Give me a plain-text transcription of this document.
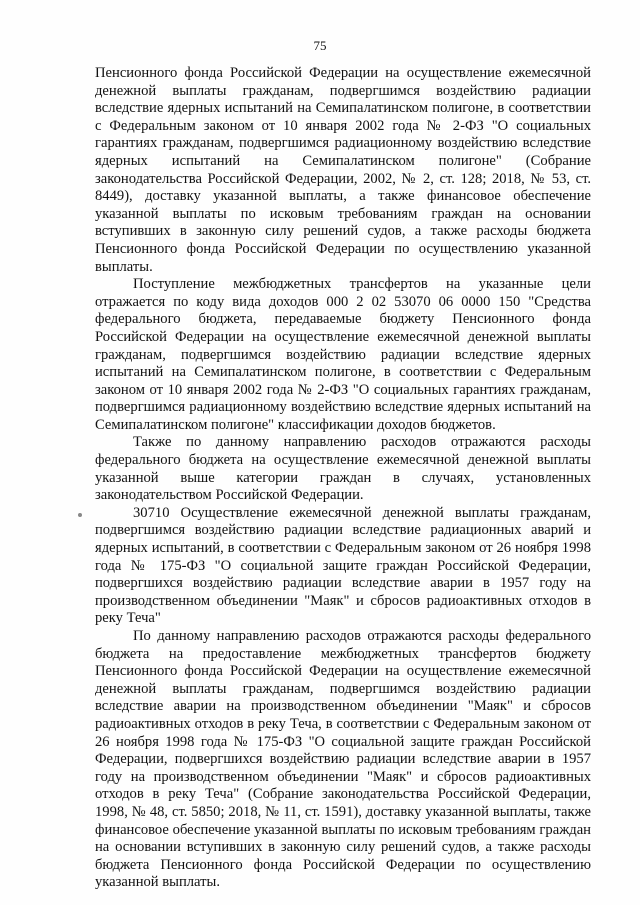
75

Пенсионного фонда Российской Федерации на осуществление ежемесячной денежной выплаты гражданам, подвергшимся воздействию радиации вследствие ядерных испытаний на Семипалатинском полигоне, в соответствии с Федеральным законом от 10 января 2002 года № 2-ФЗ "О социальных гарантиях гражданам, подвергшимся радиационному воздействию вследствие ядерных испытаний на Семипалатинском полигоне" (Собрание законодательства Российской Федерации, 2002, № 2, ст. 128; 2018, № 53, ст. 8449), доставку указанной выплаты, а также финансовое обеспечение указанной выплаты по исковым требованиям граждан на основании вступивших в законную силу решений судов, а также расходы бюджета Пенсионного фонда Российской Федерации по осуществлению указанной выплаты.

Поступление межбюджетных трансфертов на указанные цели отражается по коду вида доходов 000 2 02 53070 06 0000 150 "Средства федерального бюджета, передаваемые бюджету Пенсионного фонда Российской Федерации на осуществление ежемесячной денежной выплаты гражданам, подвергшимся воздействию радиации вследствие ядерных испытаний на Семипалатинском полигоне, в соответствии с Федеральным законом от 10 января 2002 года № 2-ФЗ "О социальных гарантиях гражданам, подвергшимся радиационному воздействию вследствие ядерных испытаний на Семипалатинском полигоне" классификации доходов бюджетов.

Также по данному направлению расходов отражаются расходы федерального бюджета на осуществление ежемесячной денежной выплаты указанной выше категории граждан в случаях, установленных законодательством Российской Федерации.

30710 Осуществление ежемесячной денежной выплаты гражданам, подвергшимся воздействию радиации вследствие радиационных аварий и ядерных испытаний, в соответствии с Федеральным законом от 26 ноября 1998 года № 175-ФЗ "О социальной защите граждан Российской Федерации, подвергшихся воздействию радиации вследствие аварии в 1957 году на производственном объединении "Маяк" и сбросов радиоактивных отходов в реку Теча"

По данному направлению расходов отражаются расходы федерального бюджета на предоставление межбюджетных трансфертов бюджету Пенсионного фонда Российской Федерации на осуществление ежемесячной денежной выплаты гражданам, подвергшимся воздействию радиации вследствие аварии на производственном объединении "Маяк" и сбросов радиоактивных отходов в реку Теча, в соответствии с Федеральным законом от 26 ноября 1998 года № 175-ФЗ "О социальной защите граждан Российской Федерации, подвергшихся воздействию радиации вследствие аварии в 1957 году на производственном объединении "Маяк" и сбросов радиоактивных отходов в реку Теча" (Собрание законодательства Российской Федерации, 1998, № 48, ст. 5850; 2018, № 11, ст. 1591), доставку указанной выплаты, также финансовое обеспечение указанной выплаты по исковым требованиям граждан на основании вступивших в законную силу решений судов, а также расходы бюджета Пенсионного фонда Российской Федерации по осуществлению указанной выплаты.
